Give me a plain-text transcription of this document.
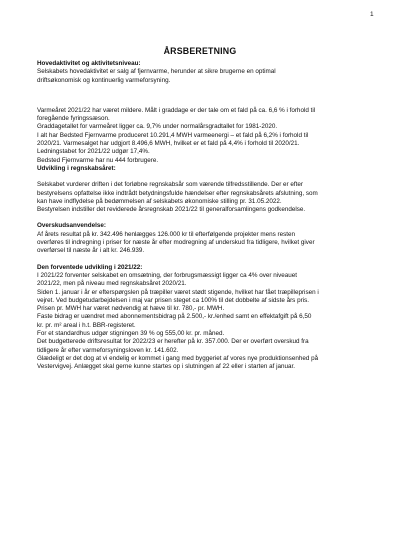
1
ÅRSBERETNING

Hovedaktivitet og aktivitetsniveau:

Selskabets hovedaktivitet er salg af fjernvarme, herunder at sikre brugerne en optimal

driftsøkonomisk og kontinuerlig varmeforsyning.

Varmeåret 2021/22 har været mildere. Målt i graddage er der tale om et fald på ca. 6,6 % i forhold til

foregående fyringssæson.

Graddagetallet for varmeåret ligger ca. 9,7% under normalårsgradtallet for 1981-2020.

I alt har Bedsted Fjernvarme produceret 10.291,4 MWH varmeenergi – et fald på 6,2% i forhold til

2020/21. Varmesalget har udgjort 8.496,6 MWH, hvilket er et fald på 4,4% i forhold til 2020/21.

Ledningstabet for 2021/22 udgør 17,4%.

Bedsted Fjernvarme har nu 444 forbrugere.

Udvikling i regnskabsåret:

Selskabet vurderer driften i det forløbne regnskabsår som værende tilfredsstillende. Der er efter

bestyrelsens opfattelse ikke indtrådt betydningsfulde hændelser efter regnskabsårets afslutning, som

kan have indflydelse på bedømmelsen af selskabets økonomiske stilling pr. 31.05.2022.

Bestyrelsen indstiller det reviderede årsregnskab 2021/22 til generalforsamlingens godkendelse.

Overskudsanvendelse:

Af årets resultat på kr. 342.496 henlægges 126.000 kr til efterfølgende projekter mens resten

overføres til indregning i priser for næste år efter modregning af underskud fra tidligere, hvilket giver

overførsel til næste år i alt kr. 246.939.

Den forventede udvikling i 2021/22:

I 2021/22 forventer selskabet en omsætning, der forbrugsmæssigt ligger ca 4% over niveauet

2021/22, men på niveau med regnskabsåret 2020/21.

Siden 1. januar i år er efterspørgslen på træpiller været stødt stigende, hvilket har fået træpilleprisen i

vejret. Ved budgetudarbejdelsen i maj var prisen steget ca 100% til det dobbelte af sidste års pris.

Prisen pr. MWH har været nødvendig at hæve til kr. 780,- pr. MWH.

Faste bidrag er uændret med abonnementsbidrag på 2.500,- kr./enhed samt en effektafgift på 6,50

kr. pr. m² areal i h.t. BBR-registeret.

For et standardhus udgør stigningen 39 % og 555,00 kr. pr. måned.

Det budgetterede driftsresultat for 2022/23 er herefter på kr. 357.000. Der er overført overskud fra

tidligere år efter varmeforsyningsloven kr. 141.602.

Glædeligt er det dog at vi endelig er kommet i gang med byggeriet af vores nye produktionsenhed på

Vestervigvej. Anlægget skal gerne kunne startes op i slutningen af 22 eller i starten af januar.
